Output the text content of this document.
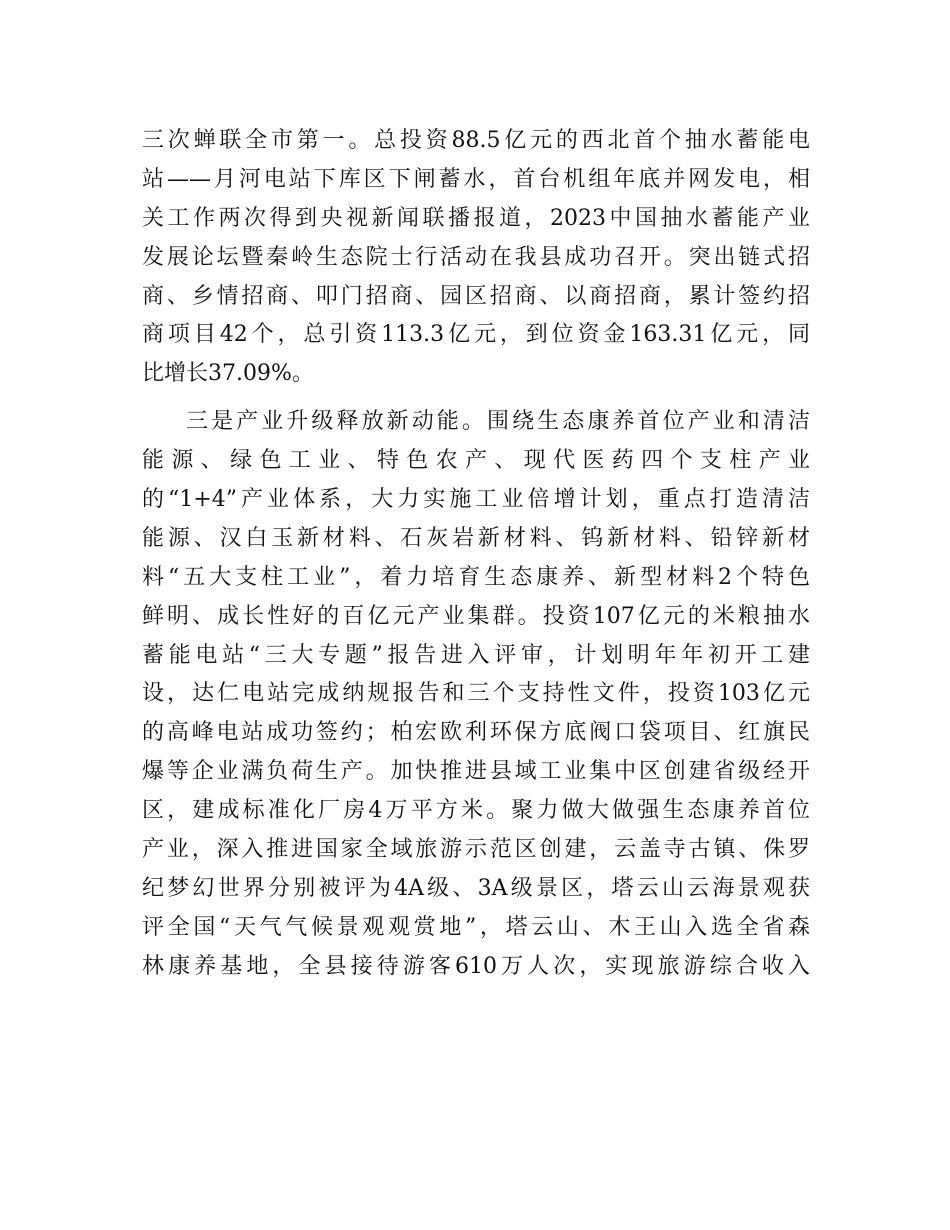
三次蝉联全市第一。总投资88.5亿元的西北首个抽水蓄能电
站——月河电站下库区下闸蓄水，首台机组年底并网发电，相
关工作两次得到央视新闻联播报道，2023中国抽水蓄能产业
发展论坛暨秦岭生态院士行活动在我县成功召开。突出链式招
商、乡情招商、叩门招商、园区招商、以商招商，累计签约招
商项目42个，总引资113.3亿元，到位资金163.31亿元，同
比增长37.09%。
三是产业升级释放新动能。围绕生态康养首位产业和清洁
能源、绿色工业、特色农产、现代医药四个支柱产业
的“1+4”产业体系，大力实施工业倍增计划，重点打造清洁
能源、汉白玉新材料、石灰岩新材料、钨新材料、铅锌新材
料“五大支柱工业”，着力培育生态康养、新型材料2个特色
鲜明、成长性好的百亿元产业集群。投资107亿元的米粮抽水
蓄能电站“三大专题”报告进入评审，计划明年年初开工建
设，达仁电站完成纳规报告和三个支持性文件，投资103亿元
的高峰电站成功签约；柏宏欧利环保方底阀口袋项目、红旗民
爆等企业满负荷生产。加快推进县域工业集中区创建省级经开
区，建成标准化厂房4万平方米。聚力做大做强生态康养首位
产业，深入推进国家全域旅游示范区创建，云盖寺古镇、侏罗
纪梦幻世界分别被评为4A级、3A级景区，塔云山云海景观获
评全国“天气气候景观观赏地”，塔云山、木王山入选全省森
林康养基地，全县接待游客610万人次，实现旅游综合收入
